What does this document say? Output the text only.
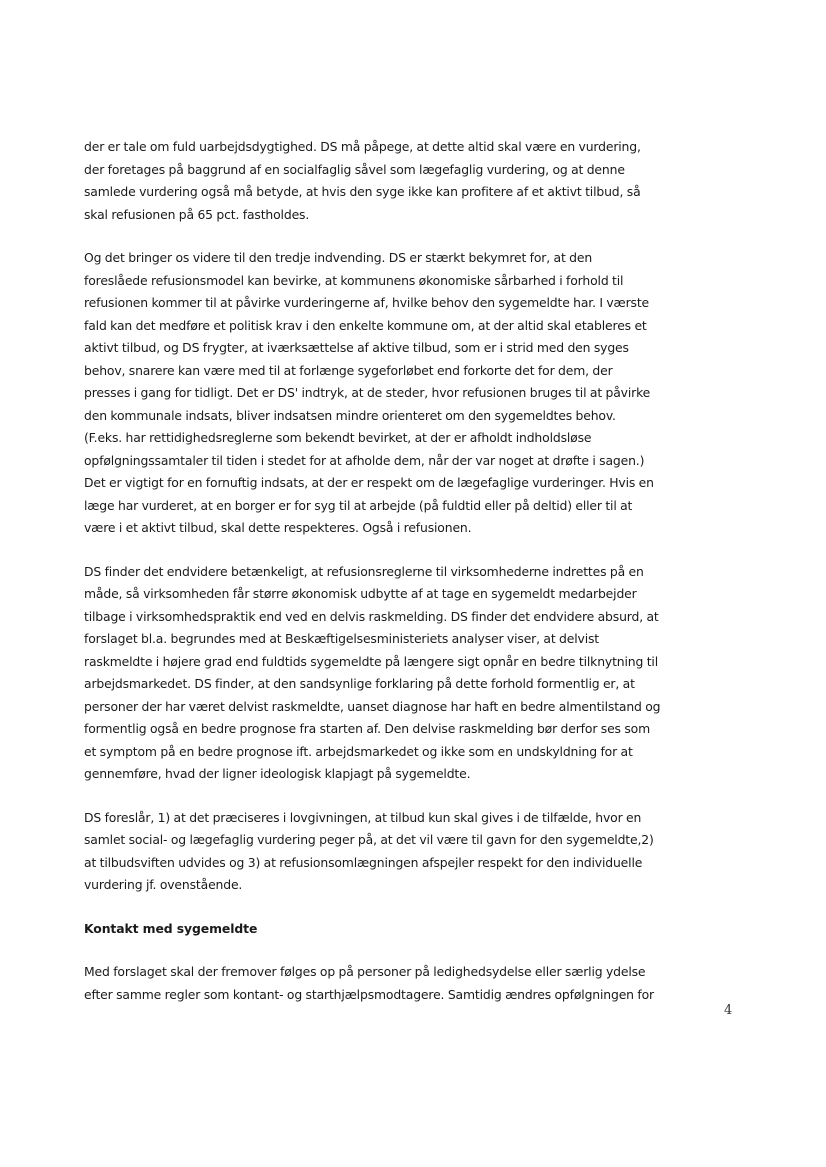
der er tale om fuld uarbejdsdygtighed. DS må påpege, at dette altid skal være en vurdering,
der foretages på baggrund af en socialfaglig såvel som lægefaglig vurdering, og at denne
samlede vurdering også må betyde, at hvis den syge ikke kan profitere af et aktivt tilbud, så
skal refusionen på 65 pct. fastholdes.

Og det bringer os videre til den tredje indvending. DS er stærkt bekymret for, at den
foreslåede refusionsmodel kan bevirke, at kommunens økonomiske sårbarhed i forhold til
refusionen kommer til at påvirke vurderingerne af, hvilke behov den sygemeldte har. I værste
fald kan det medføre et politisk krav i den enkelte kommune om, at der altid skal etableres et
aktivt tilbud, og DS frygter, at iværksættelse af aktive tilbud, som er i strid med den syges
behov, snarere kan være med til at forlænge sygeforløbet end forkorte det for dem, der
presses i gang for tidligt. Det er DS' indtryk, at de steder, hvor refusionen bruges til at påvirke
den kommunale indsats, bliver indsatsen mindre orienteret om den sygemeldtes behov.
(F.eks. har rettidighedsreglerne som bekendt bevirket, at der er afholdt indholdsløse
opfølgningssamtaler til tiden i stedet for at afholde dem, når der var noget at drøfte i sagen.)
Det er vigtigt for en fornuftig indsats, at der er respekt om de lægefaglige vurderinger. Hvis en
læge har vurderet, at en borger er for syg til at arbejde (på fuldtid eller på deltid) eller til at
være i et aktivt tilbud, skal dette respekteres. Også i refusionen.

DS finder det endvidere betænkeligt, at refusionsreglerne til virksomhederne indrettes på en
måde, så virksomheden får større økonomisk udbytte af at tage en sygemeldt medarbejder
tilbage i virksomhedspraktik end ved en delvis raskmelding. DS finder det endvidere absurd, at
forslaget bl.a. begrundes med at Beskæftigelsesministeriets analyser viser, at delvist
raskmeldte i højere grad end fuldtids sygemeldte på længere sigt opnår en bedre tilknytning til
arbejdsmarkedet. DS finder, at den sandsynlige forklaring på dette forhold formentlig er, at
personer der har været delvist raskmeldte, uanset diagnose har haft en bedre almentilstand og
formentlig også en bedre prognose fra starten af. Den delvise raskmelding bør derfor ses som
et symptom på en bedre prognose ift. arbejdsmarkedet og ikke som en undskyldning for at
gennemføre, hvad der ligner ideologisk klapjagt på sygemeldte.

DS foreslår, 1) at det præciseres i lovgivningen, at tilbud kun skal gives i de tilfælde, hvor en
samlet social- og lægefaglig vurdering peger på, at det vil være til gavn for den sygemeldte,2)
at tilbudsviften udvides og 3) at refusionsomlægningen afspejler respekt for den individuelle
vurdering jf. ovenstående.

Kontakt med sygemeldte

Med forslaget skal der fremover følges op på personer på ledighedsydelse eller særlig ydelse
efter samme regler som kontant- og starthjælpsmodtagere. Samtidig ændres opfølgningen for

4
